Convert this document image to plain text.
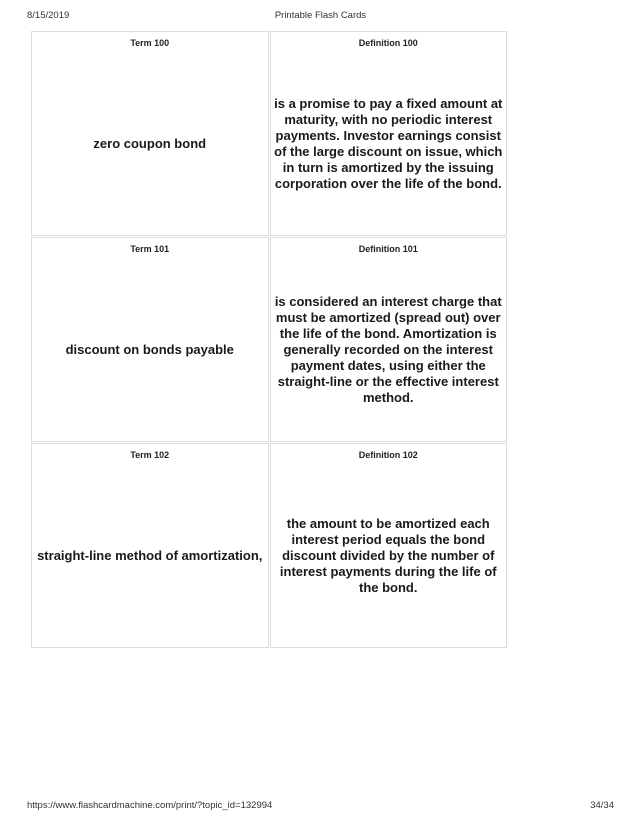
8/15/2019	Printable Flash Cards
Term 100
zero coupon bond
Definition 100
is a promise to pay a fixed amount at maturity, with no periodic interest payments. Investor earnings consist of the large discount on issue, which in turn is amortized by the issuing corporation over the life of the bond.
Term 101
discount on bonds payable
Definition 101
is considered an interest charge that must be amortized (spread out) over the life of the bond. Amortization is generally recorded on the interest payment dates, using either the straight-line or the effective interest method.
Term 102
straight-line method of amortization,
Definition 102
the amount to be amortized each interest period equals the bond discount divided by the number of interest payments during the life of the bond.
https://www.flashcardmachine.com/print/?topic_id=132994	34/34
